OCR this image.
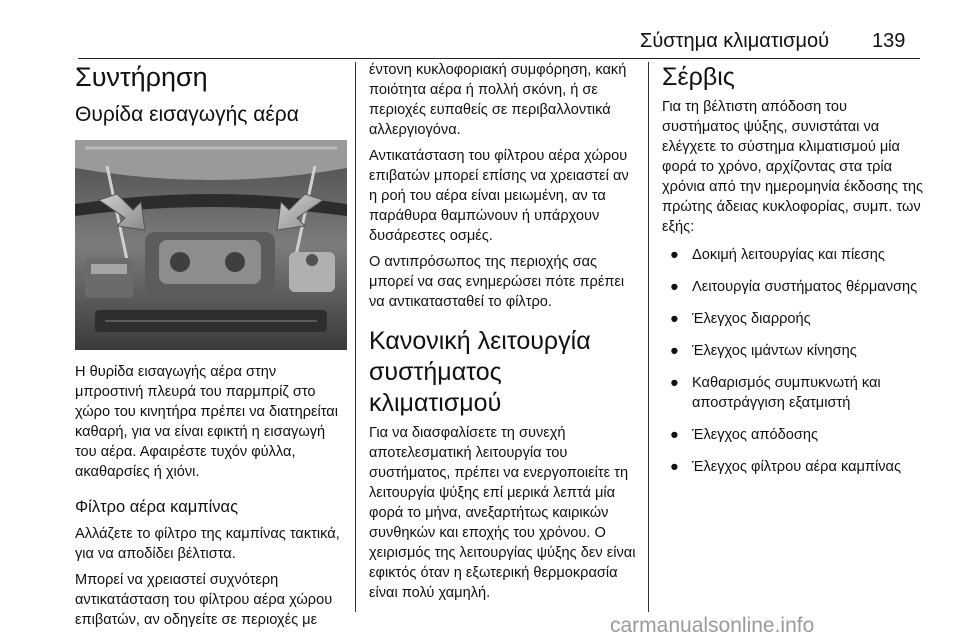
Σύστημα κλιματισμού 139
Συντήρηση
Θυρίδα εισαγωγής αέρα

Η θυρίδα εισαγωγής αέρα στην μπροστινή πλευρά του παρμπρίζ στο χώρο του κινητήρα πρέπει να διατηρείται καθαρή, για να είναι εφικτή η εισαγωγή του αέρα. Αφαιρέστε τυχόν φύλλα, ακαθαρσίες ή χιόνι.

Φίλτρο αέρα καμπίνας

Αλλάζετε το φίλτρο της καμπίνας τακτικά, για να αποδίδει βέλτιστα.

Μπορεί να χρειαστεί συχνότερη αντικατάσταση του φίλτρου αέρα χώρου επιβατών, αν οδηγείτε σε περιοχές με

έντονη κυκλοφοριακή συμφόρηση, κακή ποιότητα αέρα ή πολλή σκόνη, ή σε περιοχές ευπαθείς σε περιβαλλοντικά αλλεργιογόνα.

Αντικατάσταση του φίλτρου αέρα χώρου επιβατών μπορεί επίσης να χρειαστεί αν η ροή του αέρα είναι μειωμένη, αν τα παράθυρα θαμπώνουν ή υπάρχουν δυσάρεστες οσμές.

Ο αντιπρόσωπος της περιοχής σας μπορεί να σας ενημερώσει πότε πρέπει να αντικατασταθεί το φίλτρο.

Κανονική λειτουργία συστήματος κλιματισμού

Για να διασφαλίσετε τη συνεχή αποτελεσματική λειτουργία του συστήματος, πρέπει να ενεργοποιείτε τη λειτουργία ψύξης επί μερικά λεπτά μία φορά το μήνα, ανεξαρτήτως καιρικών συνθηκών και εποχής του χρόνου. Ο χειρισμός της λειτουργίας ψύξης δεν είναι εφικτός όταν η εξωτερική θερμοκρασία είναι πολύ χαμηλή.

Σέρβις

Για τη βέλτιστη απόδοση του συστήματος ψύξης, συνιστάται να ελέγχετε το σύστημα κλιματισμού μία φορά το χρόνο, αρχίζοντας στα τρία χρόνια από την ημερομηνία έκδοσης της πρώτης άδειας κυκλοφορίας, συμπ. των εξής:

● Δοκιμή λειτουργίας και πίεσης
● Λειτουργία συστήματος θέρμανσης
● Έλεγχος διαρροής
● Έλεγχος ιμάντων κίνησης
● Καθαρισμός συμπυκνωτή και αποστράγγιση εξατμιστή
● Έλεγχος απόδοσης
● Έλεγχος φίλτρου αέρα καμπίνας
carmanualsonline.info
